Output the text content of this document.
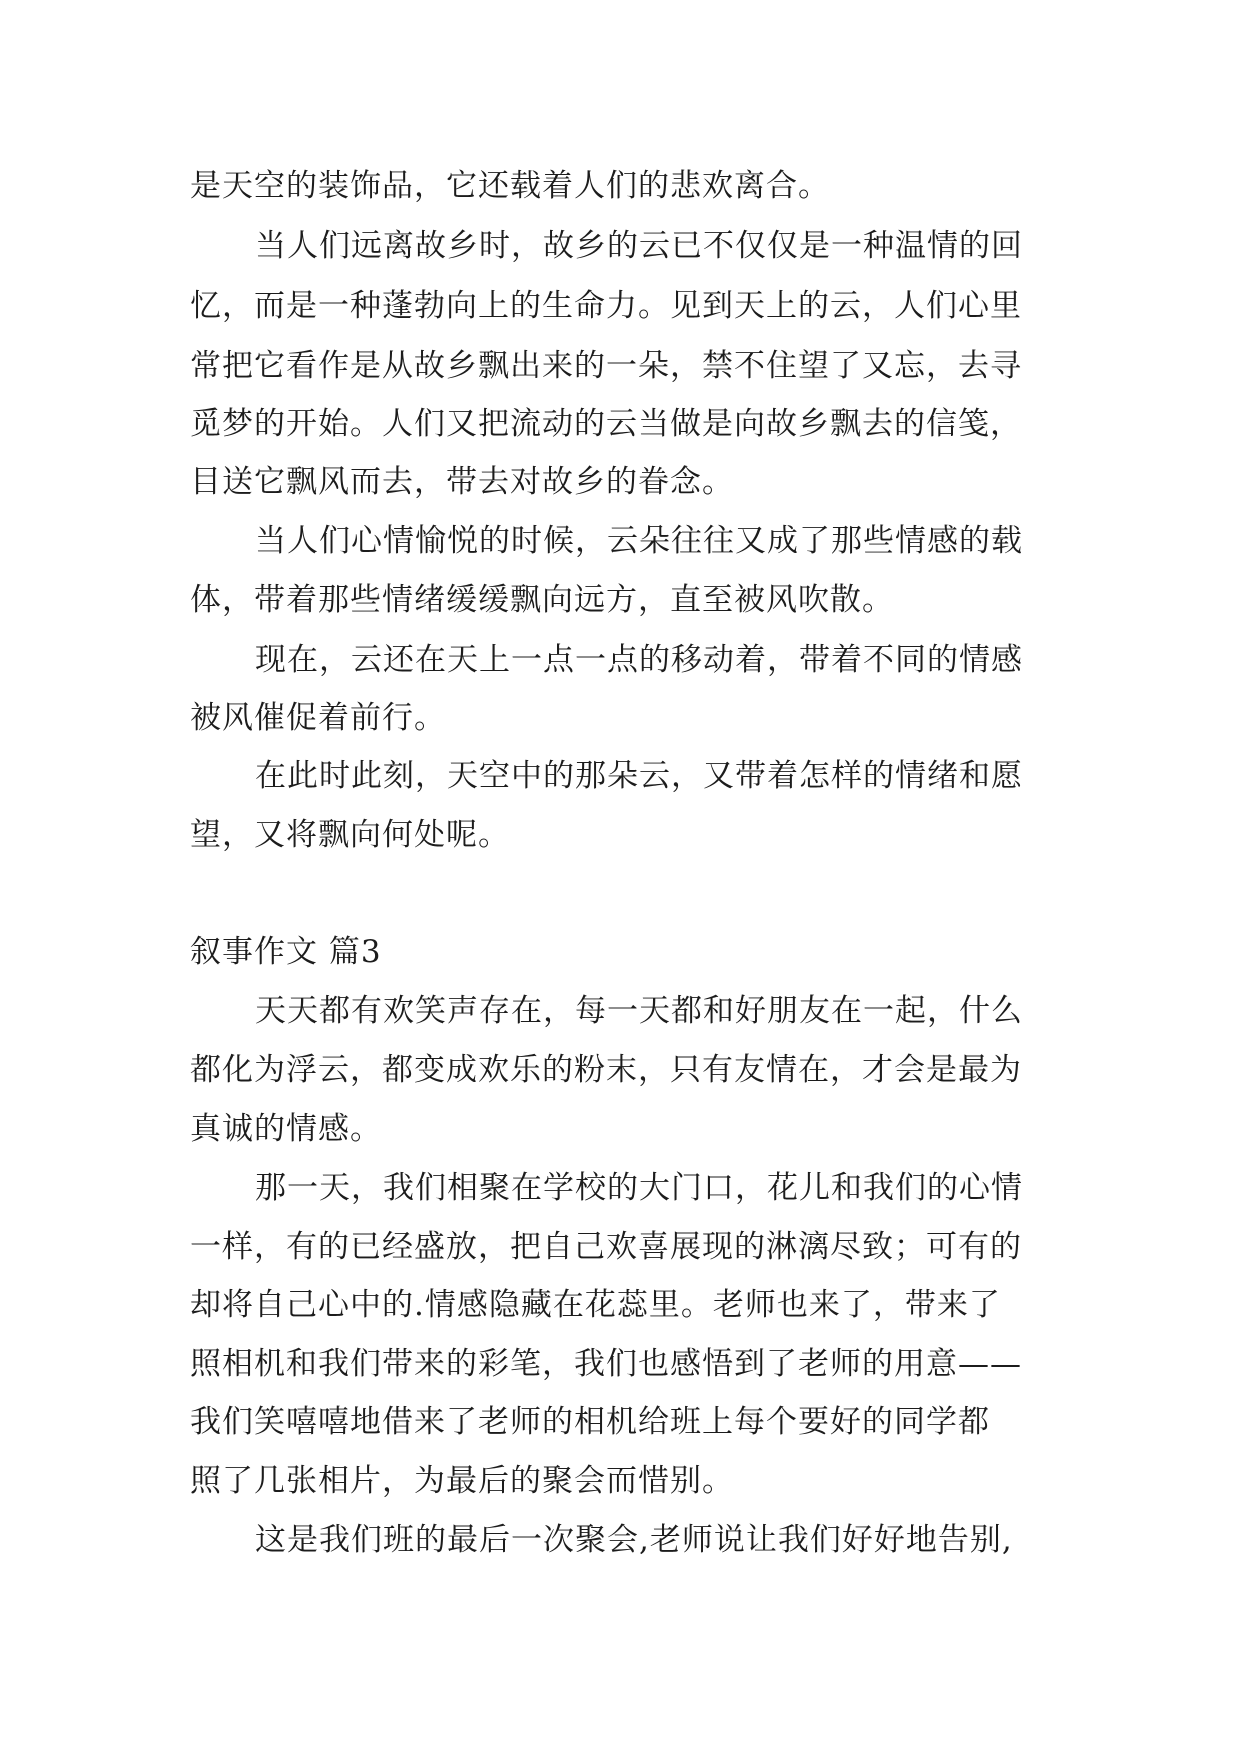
是天空的装饰品，它还载着人们的悲欢离合。
当人们远离故乡时，故乡的云已不仅仅是一种温情的回
忆，而是一种蓬勃向上的生命力。见到天上的云，人们心里
常把它看作是从故乡飘出来的一朵，禁不住望了又忘，去寻
觅梦的开始。人们又把流动的云当做是向故乡飘去的信笺，
目送它飘风而去，带去对故乡的眷念。
当人们心情愉悦的时候，云朵往往又成了那些情感的载
体，带着那些情绪缓缓飘向远方，直至被风吹散。
现在，云还在天上一点一点的移动着，带着不同的情感
被风催促着前行。
在此时此刻，天空中的那朵云，又带着怎样的情绪和愿
望，又将飘向何处呢。
叙事作文 篇3
天天都有欢笑声存在，每一天都和好朋友在一起，什么
都化为浮云，都变成欢乐的粉末，只有友情在，才会是最为
真诚的情感。
那一天，我们相聚在学校的大门口，花儿和我们的心情
一样，有的已经盛放，把自己欢喜展现的淋漓尽致；可有的
却将自己心中的.情感隐藏在花蕊里。老师也来了，带来了
照相机和我们带来的彩笔，我们也感悟到了老师的用意——
我们笑嘻嘻地借来了老师的相机给班上每个要好的同学都
照了几张相片，为最后的聚会而惜别。
这是我们班的最后一次聚会,老师说让我们好好地告别,
